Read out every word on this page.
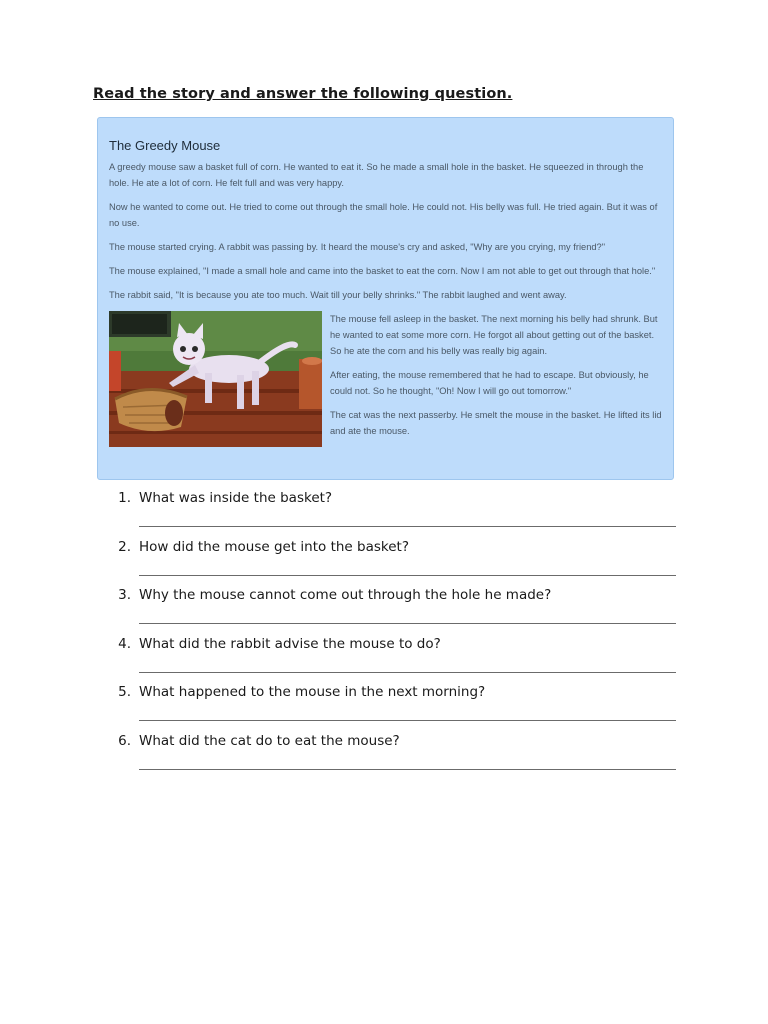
Read the story and answer the following question.

The Greedy Mouse

A greedy mouse saw a basket full of corn. He wanted to eat it. So he made a small hole in the basket. He squeezed in through the hole. He ate a lot of corn. He felt full and was very happy.

Now he wanted to come out. He tried to come out through the small hole. He could not. His belly was full. He tried again. But it was of no use.

The mouse started crying. A rabbit was passing by. It heard the mouse's cry and asked, "Why are you crying, my friend?"

The mouse explained, "I made a small hole and came into the basket to eat the corn. Now I am not able to get out through that hole."

The rabbit said, "It is because you ate too much. Wait till your belly shrinks." The rabbit laughed and went away.

The mouse fell asleep in the basket. The next morning his belly had shrunk. But he wanted to eat some more corn. He forgot all about getting out of the basket. So he ate the corn and his belly was really big again.

After eating, the mouse remembered that he had to escape. But obviously, he could not. So he thought, "Oh! Now I will go out tomorrow."

The cat was the next passerby. He smelt the mouse in the basket. He lifted its lid and ate the mouse.

1. What was inside the basket?
2. How did the mouse get into the basket?
3. Why the mouse cannot come out through the hole he made?
4. What did the rabbit advise the mouse to do?
5. What happened to the mouse in the next morning?
6. What did the cat do to eat the mouse?
